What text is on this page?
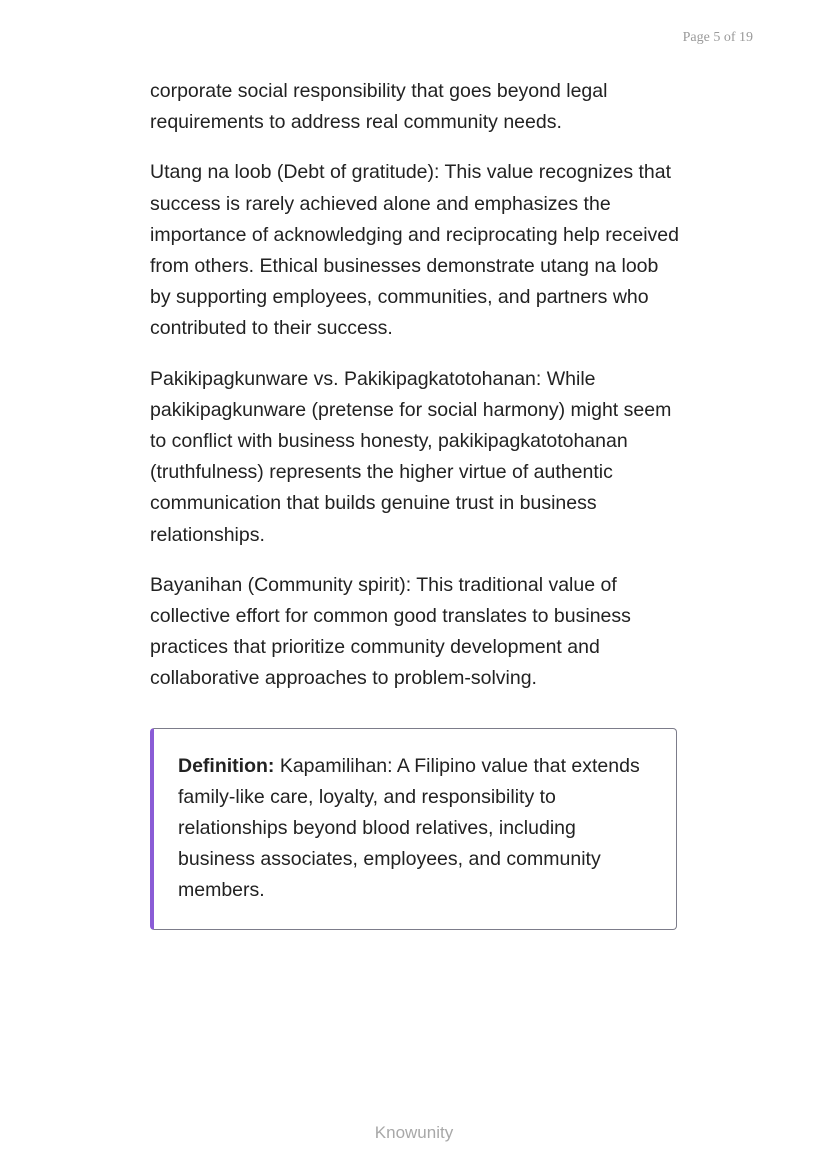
Page 5 of 19

corporate social responsibility that goes beyond legal requirements to address real community needs.

Utang na loob (Debt of gratitude): This value recognizes that success is rarely achieved alone and emphasizes the importance of acknowledging and reciprocating help received from others. Ethical businesses demonstrate utang na loob by supporting employees, communities, and partners who contributed to their success.

Pakikipagkunware vs. Pakikipagkatotohanan: While pakikipagkunware (pretense for social harmony) might seem to conflict with business honesty, pakikipagkatotohanan (truthfulness) represents the higher virtue of authentic communication that builds genuine trust in business relationships.

Bayanihan (Community spirit): This traditional value of collective effort for common good translates to business practices that prioritize community development and collaborative approaches to problem-solving.

Definition: Kapamilihan: A Filipino value that extends family-like care, loyalty, and responsibility to relationships beyond blood relatives, including business associates, employees, and community members.

Knowunity
